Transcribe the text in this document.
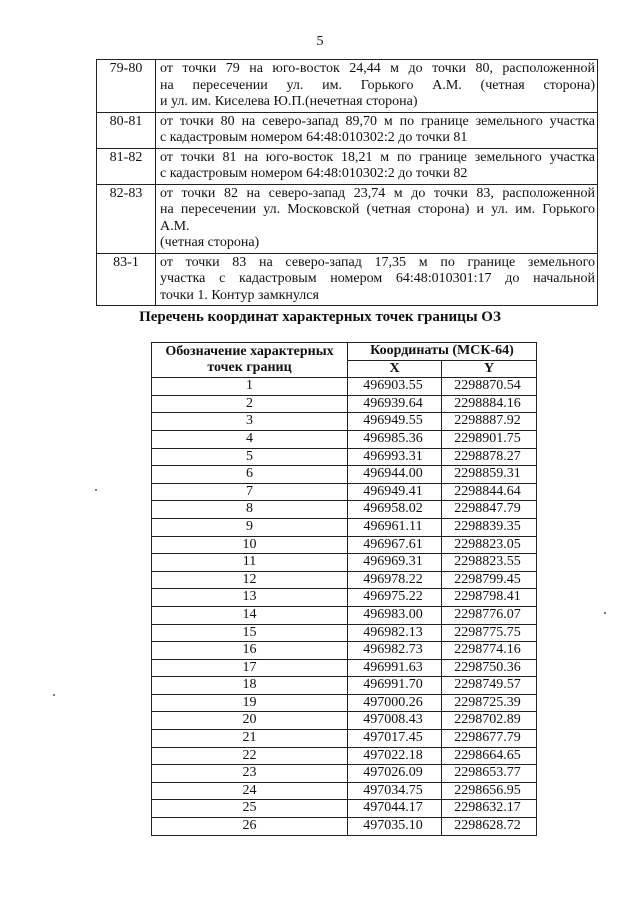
5
79-80	от точки 79 на юго-восток 24,44 м до точки 80, расположенной
на пересечении ул. им. Горького А.М. (четная сторона)
и ул. им. Киселева Ю.П.(нечетная сторона)

80-81	от точки 80 на северо-запад 89,70 м по границе земельного участка
с кадастровым номером 64:48:010302:2 до точки 81

81-82	от точки 81 на юго-восток 18,21 м по границе земельного участка
с кадастровым номером 64:48:010302:2 до точки 82

82-83	от точки 82 на северо-запад 23,74 м до точки 83, расположенной
на пересечении ул. Московской (четная сторона) и ул. им. Горького А.М.
(четная сторона)

83-1	от точки 83 на северо-запад 17,35 м по границе земельного
участка с кадастровым номером 64:48:010301:17 до начальной
точки 1. Контур замкнулся
Перечень координат характерных точек границы ОЗ
Обозначение характерных точек границ	Координаты (МСК-64)	
	X	Y
1	496903.55	2298870.54
2	496939.64	2298884.16
3	496949.55	2298887.92
4	496985.36	2298901.75
5	496993.31	2298878.27
6	496944.00	2298859.31
7	496949.41	2298844.64
8	496958.02	2298847.79
9	496961.11	2298839.35
10	496967.61	2298823.05
11	496969.31	2298823.55
12	496978.22	2298799.45
13	496975.22	2298798.41
14	496983.00	2298776.07
15	496982.13	2298775.75
16	496982.73	2298774.16
17	496991.63	2298750.36
18	496991.70	2298749.57
19	497000.26	2298725.39
20	497008.43	2298702.89
21	497017.45	2298677.79
22	497022.18	2298664.65
23	497026.09	2298653.77
24	497034.75	2298656.95
25	497044.17	2298632.17
26	497035.10	2298628.72
